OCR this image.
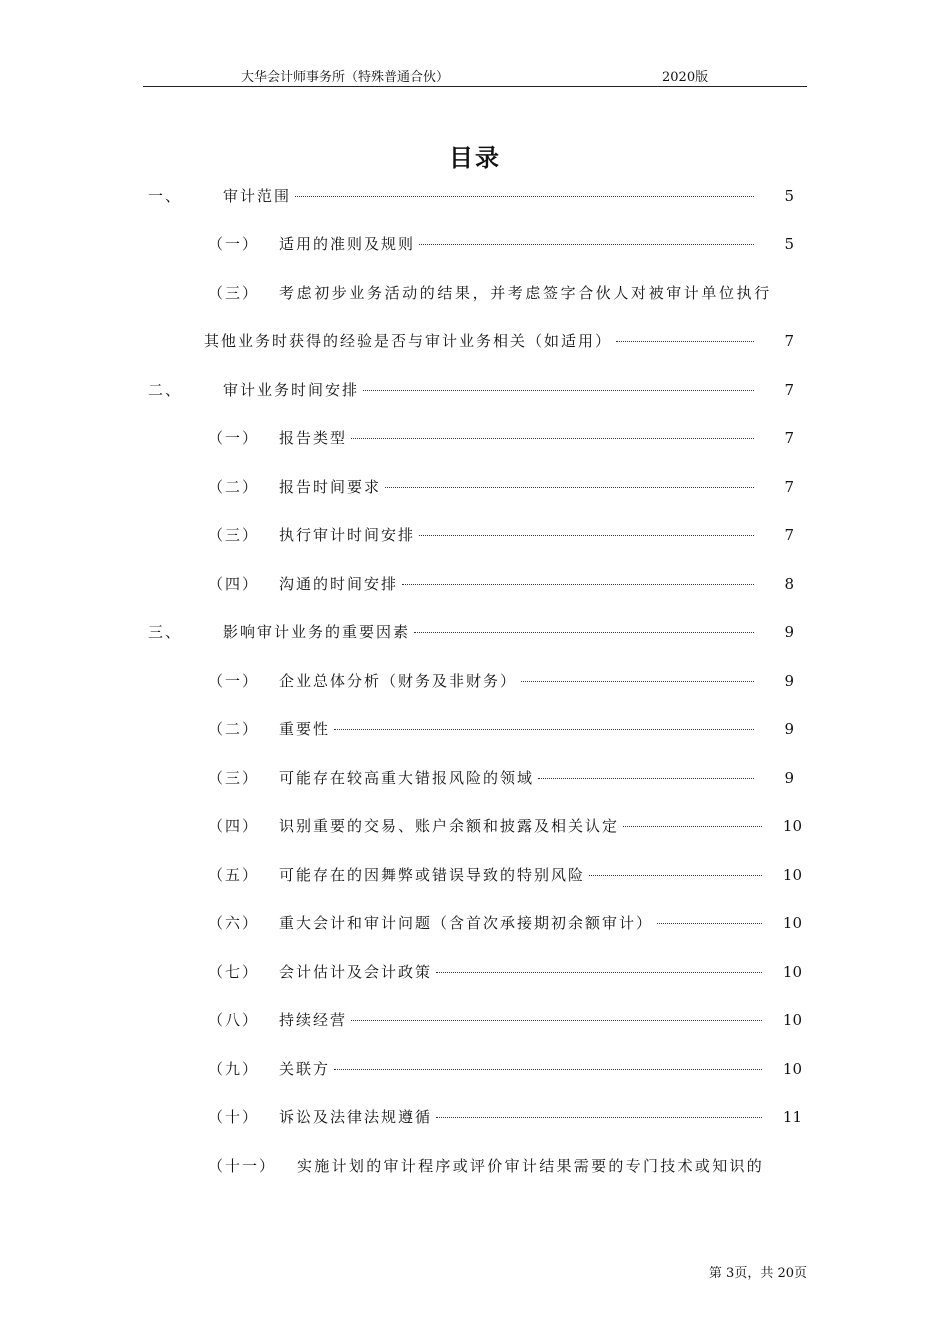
大华会计师事务所（特殊普通合伙）	2020版
目录
一、	审计范围	5
（一） 适用的准则及规则	5
（三） 考虑初步业务活动的结果，并考虑签字合伙人对被审计单位执行
其他业务时获得的经验是否与审计业务相关（如适用）	7
二、	审计业务时间安排	7
（一） 报告类型	7
（二） 报告时间要求	7
（三） 执行审计时间安排	7
（四） 沟通的时间安排	8
三、	影响审计业务的重要因素	9
（一） 企业总体分析（财务及非财务）	9
（二） 重要性	9
（三） 可能存在较高重大错报风险的领域	9
（四） 识别重要的交易、账户余额和披露及相关认定	10
（五） 可能存在的因舞弊或错误导致的特别风险	10
（六） 重大会计和审计问题（含首次承接期初余额审计）	10
（七） 会计估计及会计政策	10
（八） 持续经营	10
（九） 关联方	10
（十） 诉讼及法律法规遵循	11
（十一） 实施计划的审计程序或评价审计结果需要的专门技术或知识的
第 3页，共 20页
